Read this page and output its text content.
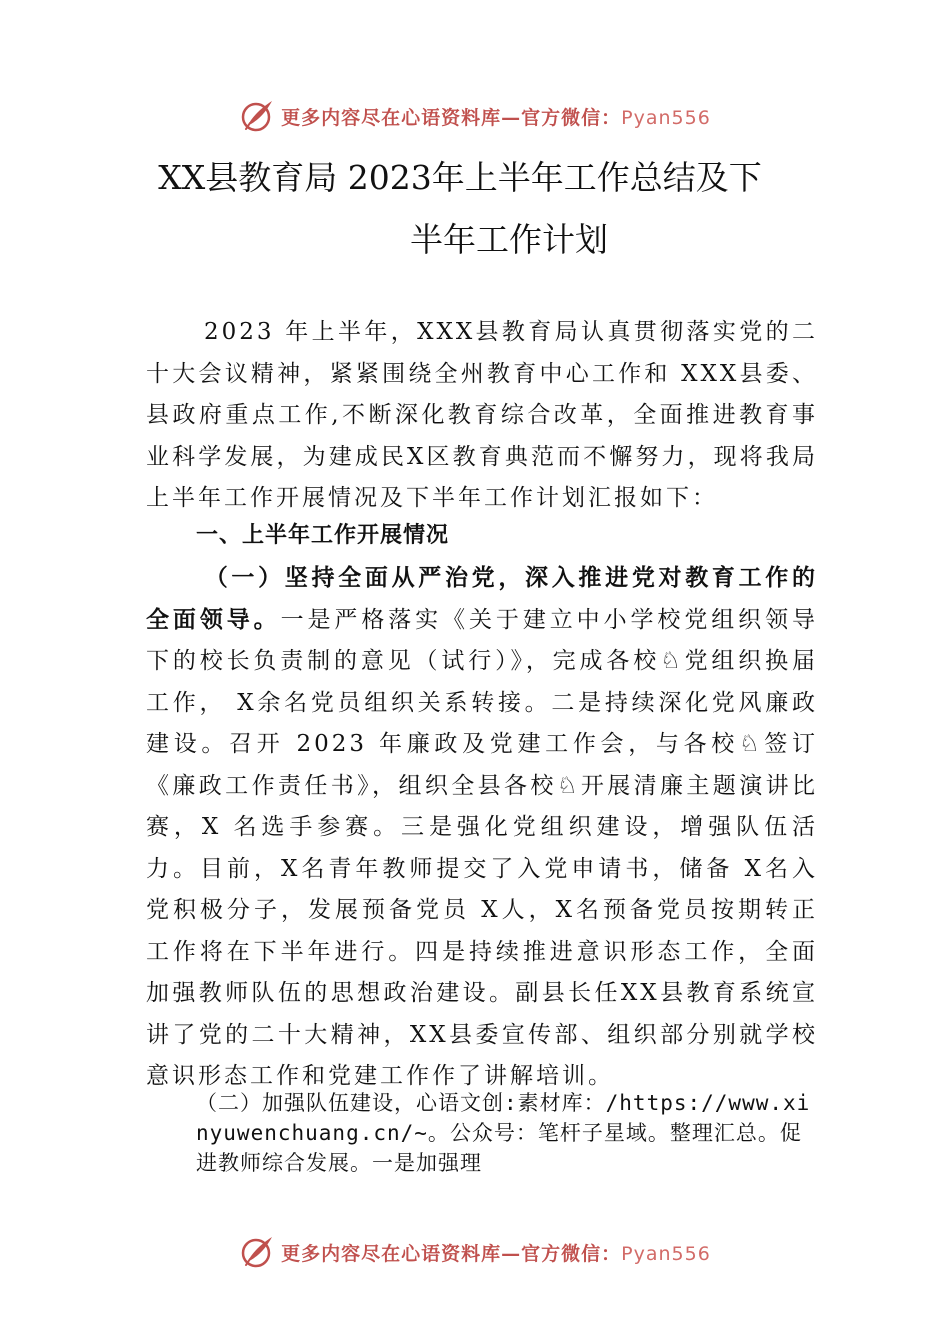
更多内容尽在心语资料库—官方微信：Pyan556
XX县教育局 2023年上半年工作总结及下
半年工作计划

2023 年上半年，XXX县教育局认真贯彻落实党的二十大会议精神，紧紧围绕全州教育中心工作和 XXX县委、县政府重点工作,不断深化教育综合改革，全面推进教育事业科学发展，为建成民X区教育典范而不懈努力，现将我局上半年工作开展情况及下半年工作计划汇报如下：

一、上半年工作开展情况

（一）坚持全面从严治党，深入推进党对教育工作的全面领导。一是严格落实《关于建立中小学校党组织领导下的校长负责制的意见（试行）》，完成各校♘党组织换届工作， X余名党员组织关系转接。二是持续深化党风廉政建设。召开 2023 年廉政及党建工作会，与各校♘签订《廉政工作责任书》，组织全县各校♘开展清廉主题演讲比赛，X 名选手参赛。三是强化党组织建设，增强队伍活力。目前，X名青年教师提交了入党申请书，储备 X名入党积极分子，发展预备党员 X人，X名预备党员按期转正工作将在下半年进行。四是持续推进意识形态工作，全面加强教师队伍的思想政治建设。副县长任XX县教育系统宣讲了党的二十大精神，XX县委宣传部、组织部分别就学校意识形态工作和党建工作作了讲解培训。

（二）加强队伍建设，心语文创:素材库：/https://www.xinyuwenchuang.cn/~。公众号：笔杆子星域。整理汇总。促进教师综合发展。一是加强理

更多内容尽在心语资料库—官方微信：Pyan556
